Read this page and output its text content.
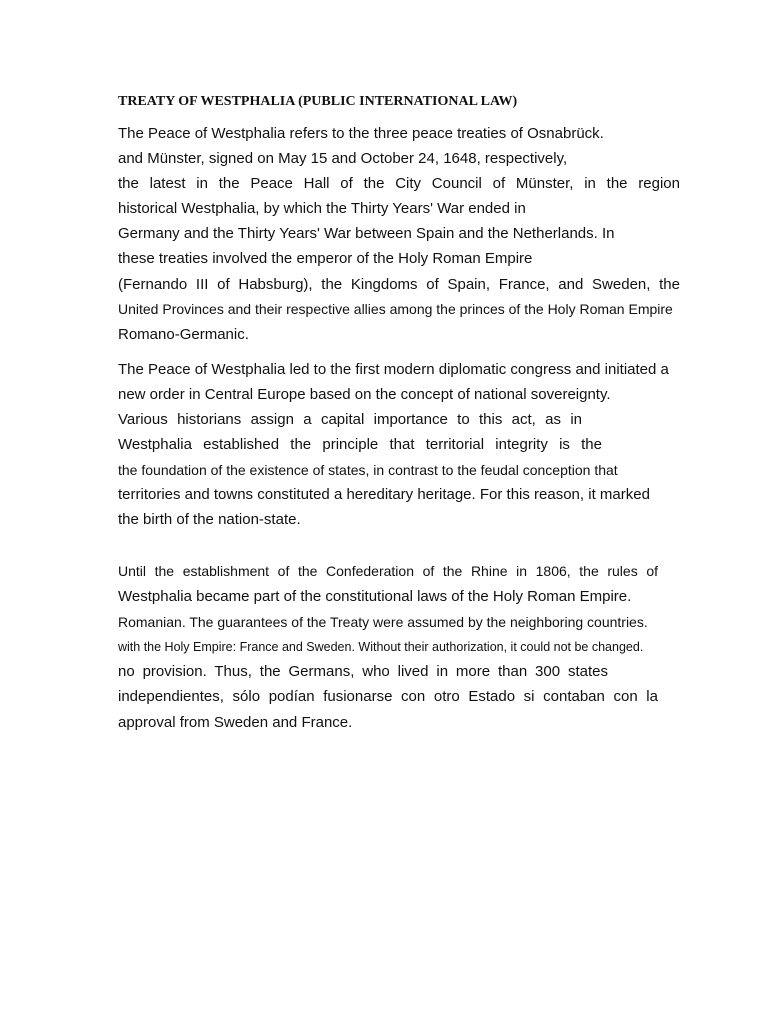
TREATY OF WESTPHALIA (PUBLIC INTERNATIONAL LAW)
The Peace of Westphalia refers to the three peace treaties of Osnabrück.
and Münster, signed on May 15 and October 24, 1648, respectively,
the latest in the Peace Hall of the City Council of Münster, in the region
historical Westphalia, by which the Thirty Years' War ended in
Germany and the Thirty Years' War between Spain and the Netherlands. In
these treaties involved the emperor of the Holy Roman Empire
(Fernando III of Habsburg), the Kingdoms of Spain, France, and Sweden, the
United Provinces and their respective allies among the princes of the Holy Roman Empire
Romano-Germanic.
The Peace of Westphalia led to the first modern diplomatic congress and initiated a
new order in Central Europe based on the concept of national sovereignty.
Various historians assign a capital importance to this act, as in
Westphalia established the principle that territorial integrity is the
the foundation of the existence of states, in contrast to the feudal conception that
territories and towns constituted a hereditary heritage. For this reason, it marked
the birth of the nation-state.
Until the establishment of the Confederation of the Rhine in 1806, the rules of
Westphalia became part of the constitutional laws of the Holy Roman Empire.
Romanian. The guarantees of the Treaty were assumed by the neighboring countries.
with the Holy Empire: France and Sweden. Without their authorization, it could not be changed.
no provision. Thus, the Germans, who lived in more than 300 states
independientes, sólo podían fusionarse con otro Estado si contaban con la
approval from Sweden and France.
